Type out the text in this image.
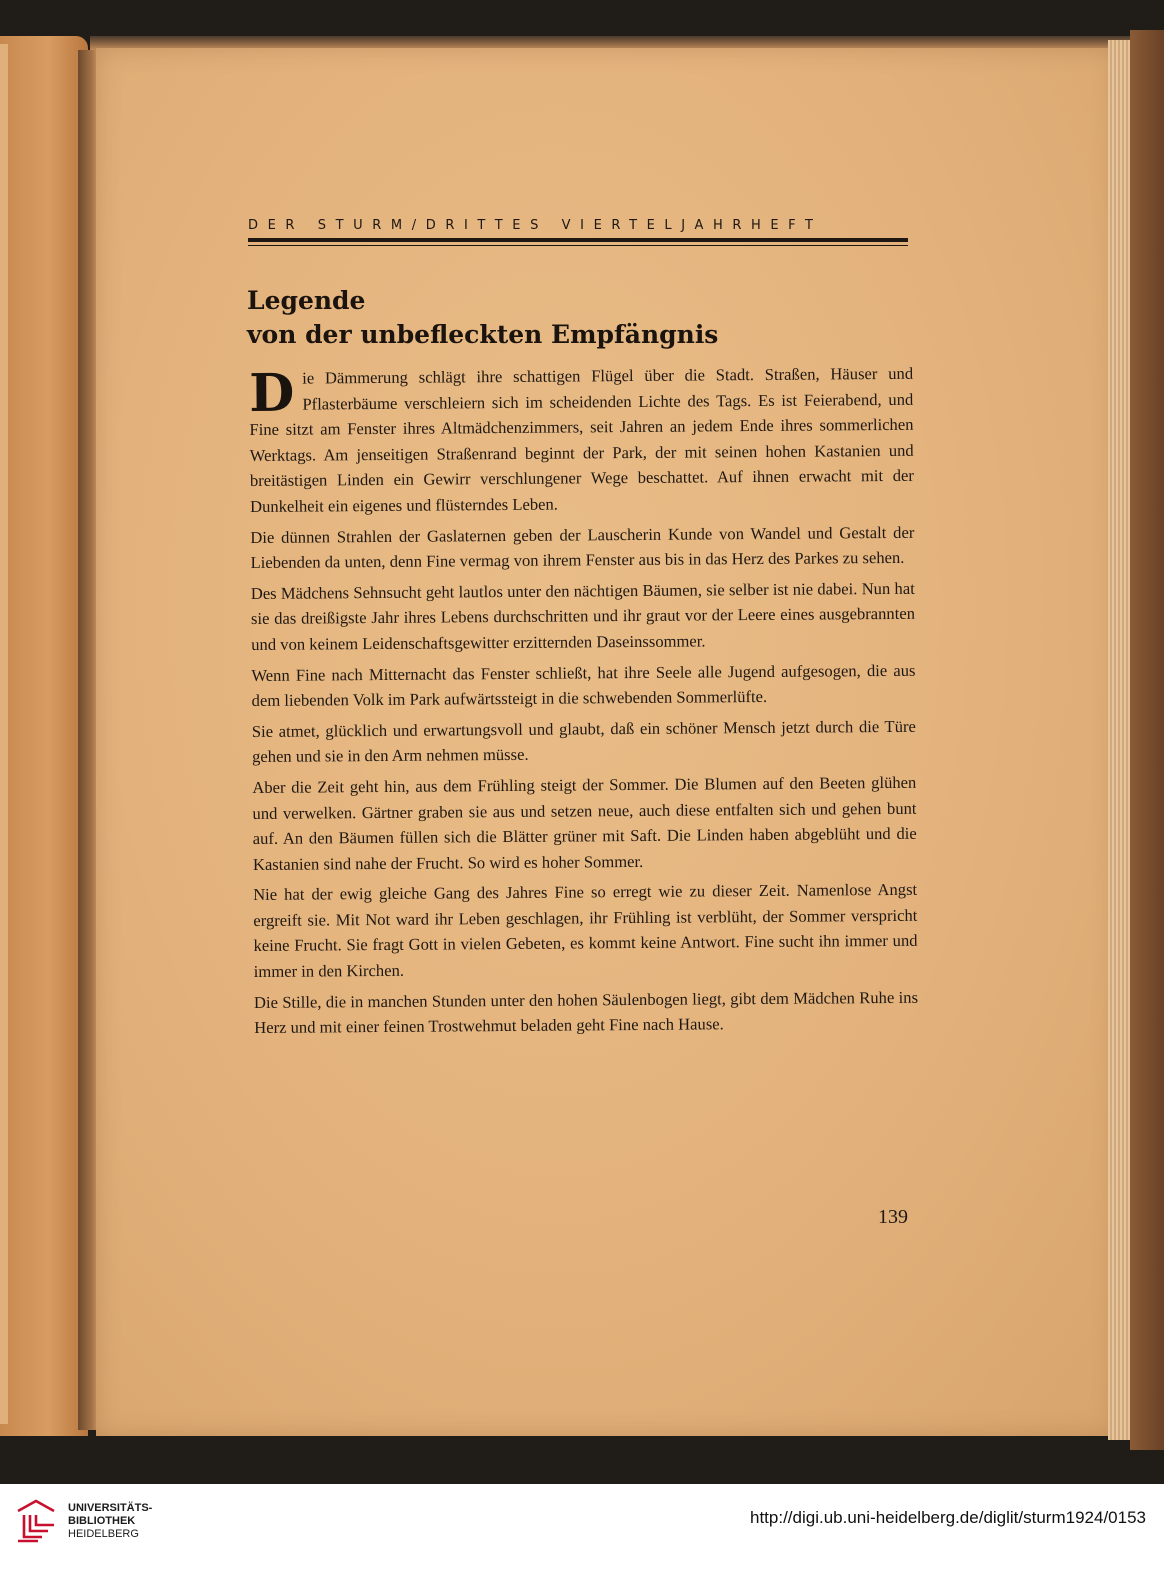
DER STURM/DRITTES VIERTELJAHRHEFT
Legende
von der unbefleckten Empfängnis

Die Dämmerung schlägt ihre schattigen Flügel über die Stadt. Straßen, Häuser und Pflasterbäume verschleiern sich im scheidenden Lichte des Tags. Es ist Feierabend, und Fine sitzt am Fenster ihres Altmädchenzimmers, seit Jahren an jedem Ende ihres sommerlichen Werktags. Am jenseitigen Straßenrand beginnt der Park, der mit seinen hohen Kastanien und breitästigen Linden ein Gewirr verschlungener Wege beschattet. Auf ihnen erwacht mit der Dunkelheit ein eigenes und flüsterndes Leben.

Die dünnen Strahlen der Gaslaternen geben der Lauscherin Kunde von Wandel und Gestalt der Liebenden da unten, denn Fine vermag von ihrem Fenster aus bis in das Herz des Parkes zu sehen.

Des Mädchens Sehnsucht geht lautlos unter den nächtigen Bäumen, sie selber ist nie dabei. Nun hat sie das dreißigste Jahr ihres Lebens durchschritten und ihr graut vor der Leere eines ausgebrannten und von keinem Leidenschaftsgewitter erzitternden Daseinssommer.

Wenn Fine nach Mitternacht das Fenster schließt, hat ihre Seele alle Jugend aufgesogen, die aus dem liebenden Volk im Park aufwärtssteigt in die schwebenden Sommerlüfte.

Sie atmet, glücklich und erwartungsvoll und glaubt, daß ein schöner Mensch jetzt durch die Türe gehen und sie in den Arm nehmen müsse.

Aber die Zeit geht hin, aus dem Frühling steigt der Sommer. Die Blumen auf den Beeten glühen und verwelken. Gärtner graben sie aus und setzen neue, auch diese entfalten sich und gehen bunt auf. An den Bäumen füllen sich die Blätter grüner mit Saft. Die Linden haben abgeblüht und die Kastanien sind nahe der Frucht. So wird es hoher Sommer.

Nie hat der ewig gleiche Gang des Jahres Fine so erregt wie zu dieser Zeit. Namenlose Angst ergreift sie. Mit Not ward ihr Leben geschlagen, ihr Frühling ist verblüht, der Sommer verspricht keine Frucht. Sie fragt Gott in vielen Gebeten, es kommt keine Antwort. Fine sucht ihn immer und immer in den Kirchen.

Die Stille, die in manchen Stunden unter den hohen Säulenbogen liegt, gibt dem Mädchen Ruhe ins Herz und mit einer feinen Trostwehmut beladen geht Fine nach Hause.

139
UNIVERSITÄTS-
BIBLIOTHEK
HEIDELBERG
http://digi.ub.uni-heidelberg.de/diglit/sturm1924/0153
